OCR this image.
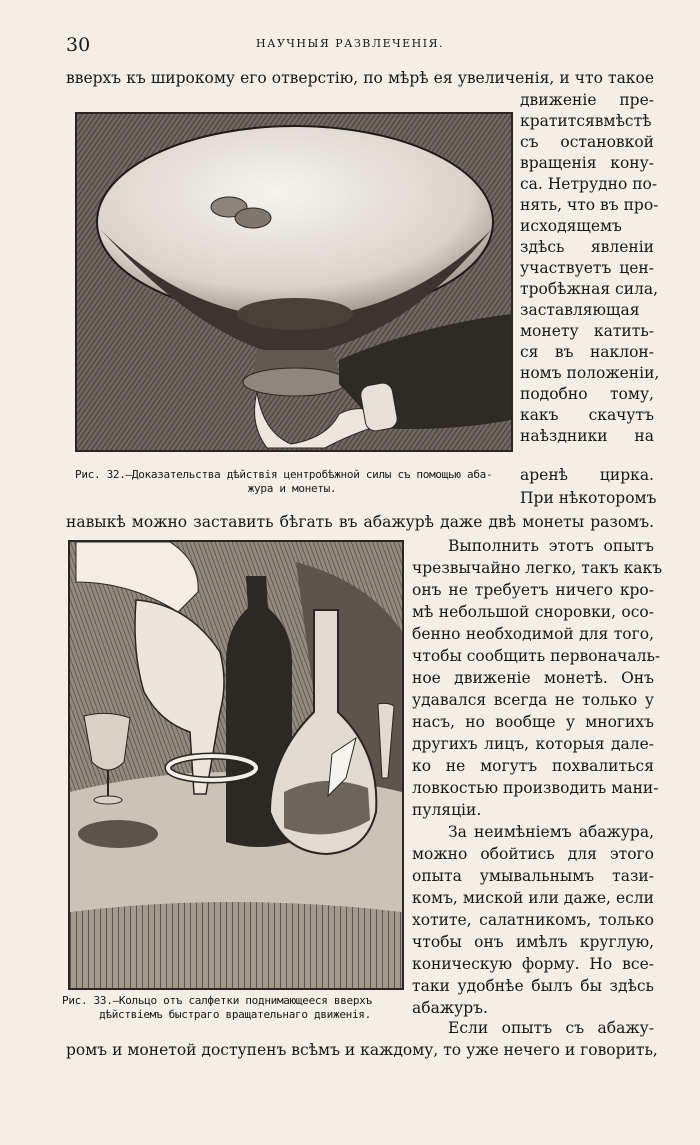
30	НАУЧНЫЯ РАЗВЛЕЧЕНІЯ.
вверхъ къ широкому его отверстію, по мѣрѣ ея увеличенія, и что такое
Рис. 32.—Доказательства дѣйствія центробѣжной силы съ помощью аба-
жура и монеты.
движеніе пре-
кратитсявмѣстѣ
съ остановкой
вращенія кону-
са. Нетрудно по-
нять, что въ про-
исходящемъ
здѣсь явленіи
участвуетъ цен-
тробѣжная сила,
заставляющая
монету катить-
ся въ наклон-
номъ положеніи,
подобно тому,
какъ скачутъ
наѣздники на
аренѣ цирка.
При нѣкоторомъ
навыкѣ можно заставить бѣгать въ абажурѣ даже двѣ монеты разомъ.
Рис. 33.—Кольцо отъ салфетки поднимающееся вверхъ
дѣйствіемъ быстраго вращательнаго движенія.
Выполнить этотъ опытъ
чрезвычайно легко, такъ какъ
онъ не требуетъ ничего кро-
мѣ небольшой сноровки, осо-
бенно необходимой для того,
чтобы сообщить первоначаль-
ное движеніе монетѣ. Онъ
удавался всегда не только у
насъ, но вообще у многихъ
другихъ лицъ, которыя дале-
ко не могутъ похвалиться
ловкостью производить мани-
пуляціи.
За неимѣніемъ абажура,
можно обойтись для этого
опыта умывальнымъ тази-
комъ, миской или даже, если
хотите, салатникомъ, только
чтобы онъ имѣлъ круглую,
коническую форму. Но все-
таки удобнѣе былъ бы здѣсь
абажуръ.
Если опытъ съ абажу-
ромъ и монетой доступенъ всѣмъ и каждому, то уже нечего и говорить,
